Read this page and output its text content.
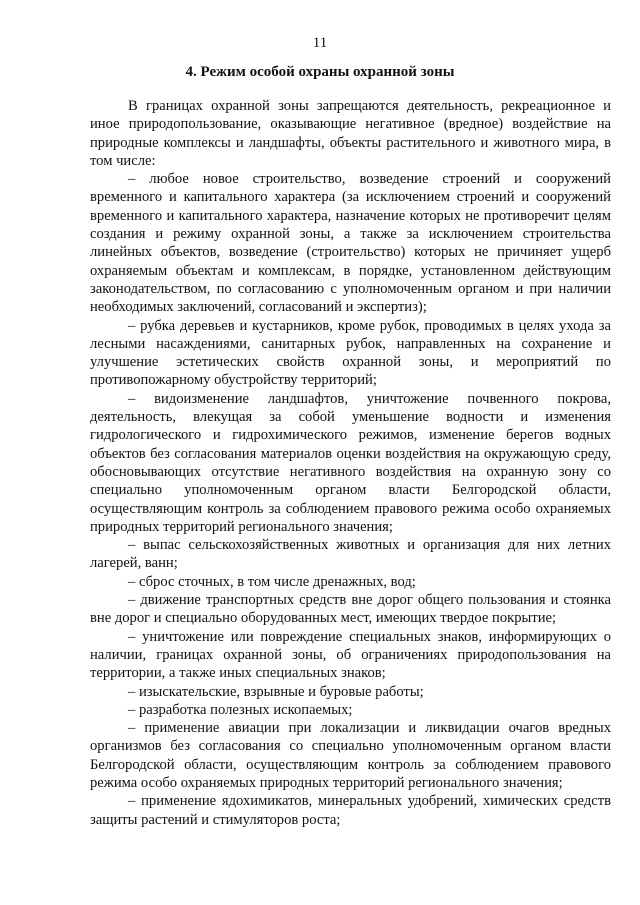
11
4. Режим особой охраны охранной зоны

В границах охранной зоны запрещаются деятельность, рекреационное и иное природопользование, оказывающие негативное (вредное) воздействие на природные комплексы и ландшафты, объекты растительного и животного мира, в том числе:

– любое новое строительство, возведение строений и сооружений временного и капитального характера (за исключением строений и сооружений временного и капитального характера, назначение которых не противоречит целям создания и режиму охранной зоны, а также за исключением строительства линейных объектов, возведение (строительство) которых не причиняет ущерб охраняемым объектам и комплексам, в порядке, установленном действующим законодательством, по согласованию с уполномоченным органом и при наличии необходимых заключений, согласований и экспертиз);

– рубка деревьев и кустарников, кроме рубок, проводимых в целях ухода за лесными насаждениями, санитарных рубок, направленных на сохранение и улучшение эстетических свойств охранной зоны, и мероприятий по противопожарному обустройству территорий;

– видоизменение ландшафтов, уничтожение почвенного покрова, деятельность, влекущая за собой уменьшение водности и изменения гидрологического и гидрохимического режимов, изменение берегов водных объектов без согласования материалов оценки воздействия на окружающую среду, обосновывающих отсутствие негативного воздействия на охранную зону со специально уполномоченным органом власти Белгородской области, осуществляющим контроль за соблюдением правового режима особо охраняемых природных территорий регионального значения;

– выпас сельскохозяйственных животных и организация для них летних лагерей, ванн;

– сброс сточных, в том числе дренажных, вод;

– движение транспортных средств вне дорог общего пользования и стоянка вне дорог и специально оборудованных мест, имеющих твердое покрытие;

– уничтожение или повреждение специальных знаков, информирующих о наличии, границах охранной зоны, об ограничениях природопользования на территории, а также иных специальных знаков;

– изыскательские, взрывные и буровые работы;

– разработка полезных ископаемых;

– применение авиации при локализации и ликвидации очагов вредных организмов без согласования со специально уполномоченным органом власти Белгородской области, осуществляющим контроль за соблюдением правового режима особо охраняемых природных территорий регионального значения;

– применение ядохимикатов, минеральных удобрений, химических средств защиты растений и стимуляторов роста;
